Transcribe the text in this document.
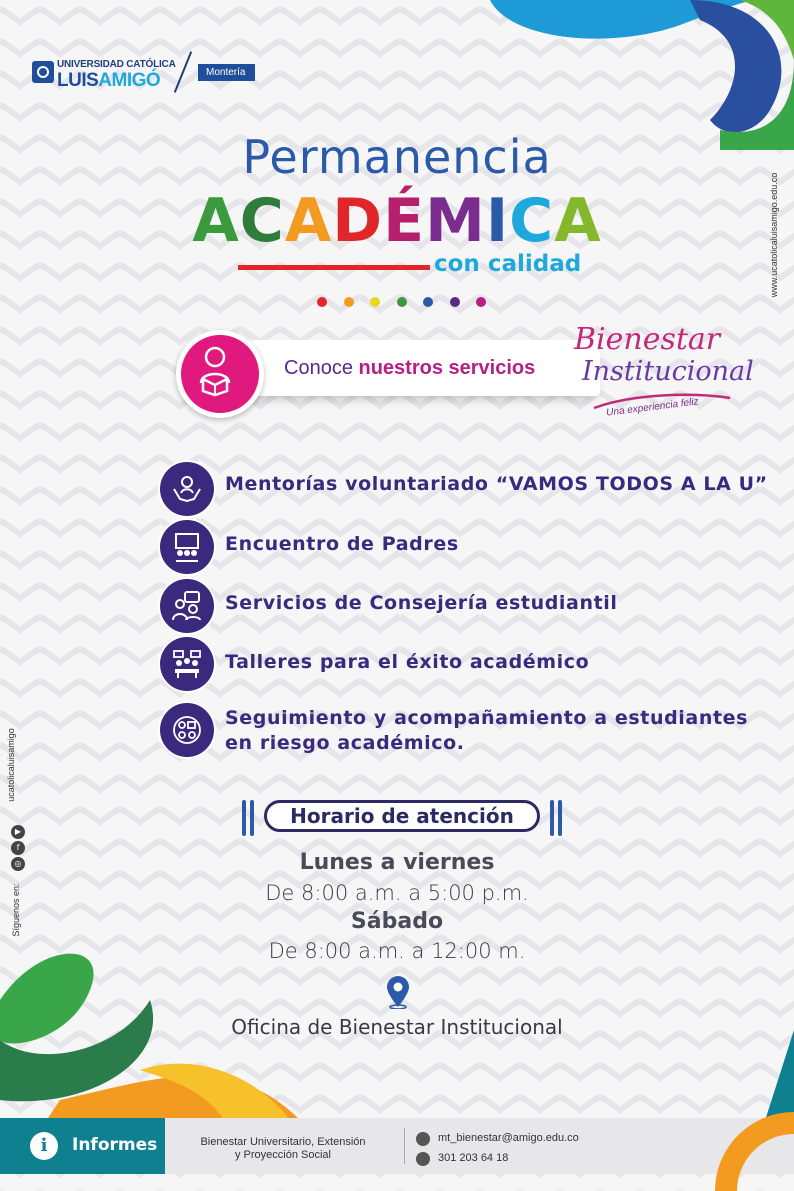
UNIVERSIDAD CATÓLICA
LUISAMIGÓ	Montería
www.ucatolicaluisamigo.edu.co
ucatolicaluisamigo
▶
f
◎
Síguenos en:
Permanencia
ACADÉMICA
con calidad
Conoce nuestros servicios
Bienestar
Institucional
Una experiencia feliz
Mentorías voluntariado “VAMOS TODOS A LA U”
Encuentro de Padres
Servicios de Consejería estudiantil
Talleres para el éxito académico
Seguimiento y acompañamiento a estudiantes
en riesgo académico.
Horario de atención
Lunes a viernes
De 8:00 a.m. a 5:00 p.m.
Sábado
De 8:00 a.m. a 12:00 m.
Oficina de Bienestar Institucional
i	Informes	Bienestar Universitario, Extensión
y Proyección Social
mt_bienestar@amigo.edu.co
301 203 64 18
